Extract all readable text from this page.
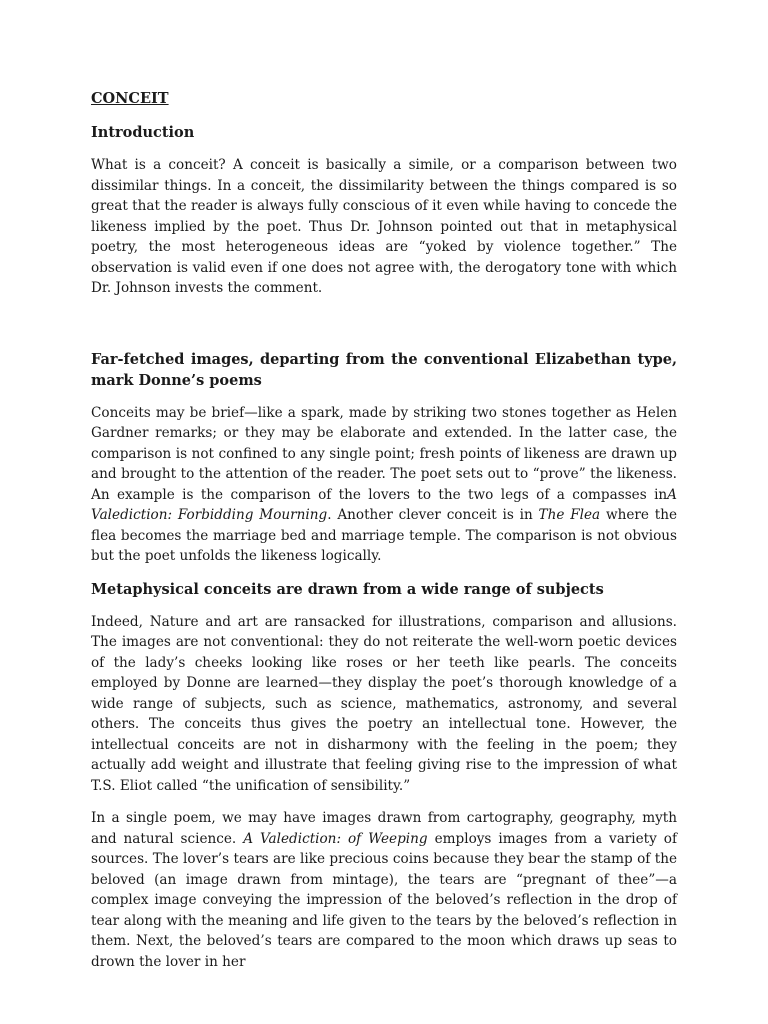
CONCEIT
Introduction

What is a conceit? A conceit is basically a simile, or a comparison between two dissimilar things. In a conceit, the dissimilarity between the things compared is so great that the reader is always fully conscious of it even while having to concede the likeness implied by the poet. Thus Dr. Johnson pointed out that in metaphysical poetry, the most heterogeneous ideas are “yoked by violence together.” The observation is valid even if one does not agree with, the derogatory tone with which Dr. Johnson invests the comment.

Far-fetched images, departing from the conventional Elizabethan type, mark Donne’s poems

Conceits may be brief—like a spark, made by striking two stones together as Helen Gardner remarks; or they may be elaborate and extended. In the latter case, the comparison is not confined to any single point; fresh points of likeness are drawn up and brought to the attention of the reader. The poet sets out to “prove” the likeness. An example is the comparison of the lovers to the two legs of a compasses inA Valediction: Forbidding Mourning. Another clever conceit is in The Flea where the flea becomes the marriage bed and marriage temple. The comparison is not obvious but the poet unfolds the likeness logically.

Metaphysical conceits are drawn from a wide range of subjects

Indeed, Nature and art are ransacked for illustrations, comparison and allusions. The images are not conventional: they do not reiterate the well-worn poetic devices of the lady’s cheeks looking like roses or her teeth like pearls. The conceits employed by Donne are learned—they display the poet’s thorough knowledge of a wide range of subjects, such as science, mathematics, astronomy, and several others. The conceits thus gives the poetry an intellectual tone. However, the intellectual conceits are not in disharmony with the feeling in the poem; they actually add weight and illustrate that feeling giving rise to the impression of what T.S. Eliot called “the unification of sensibility.”

In a single poem, we may have images drawn from cartography, geography, myth and natural science. A Valediction: of Weeping employs images from a variety of sources. The lover’s tears are like precious coins because they bear the stamp of the beloved (an image drawn from mintage), the tears are “pregnant of thee”—a complex image conveying the impression of the beloved’s reflection in the drop of tear along with the meaning and life given to the tears by the beloved’s reflection in them. Next, the beloved’s tears are compared to the moon which draws up seas to drown the lover in her
